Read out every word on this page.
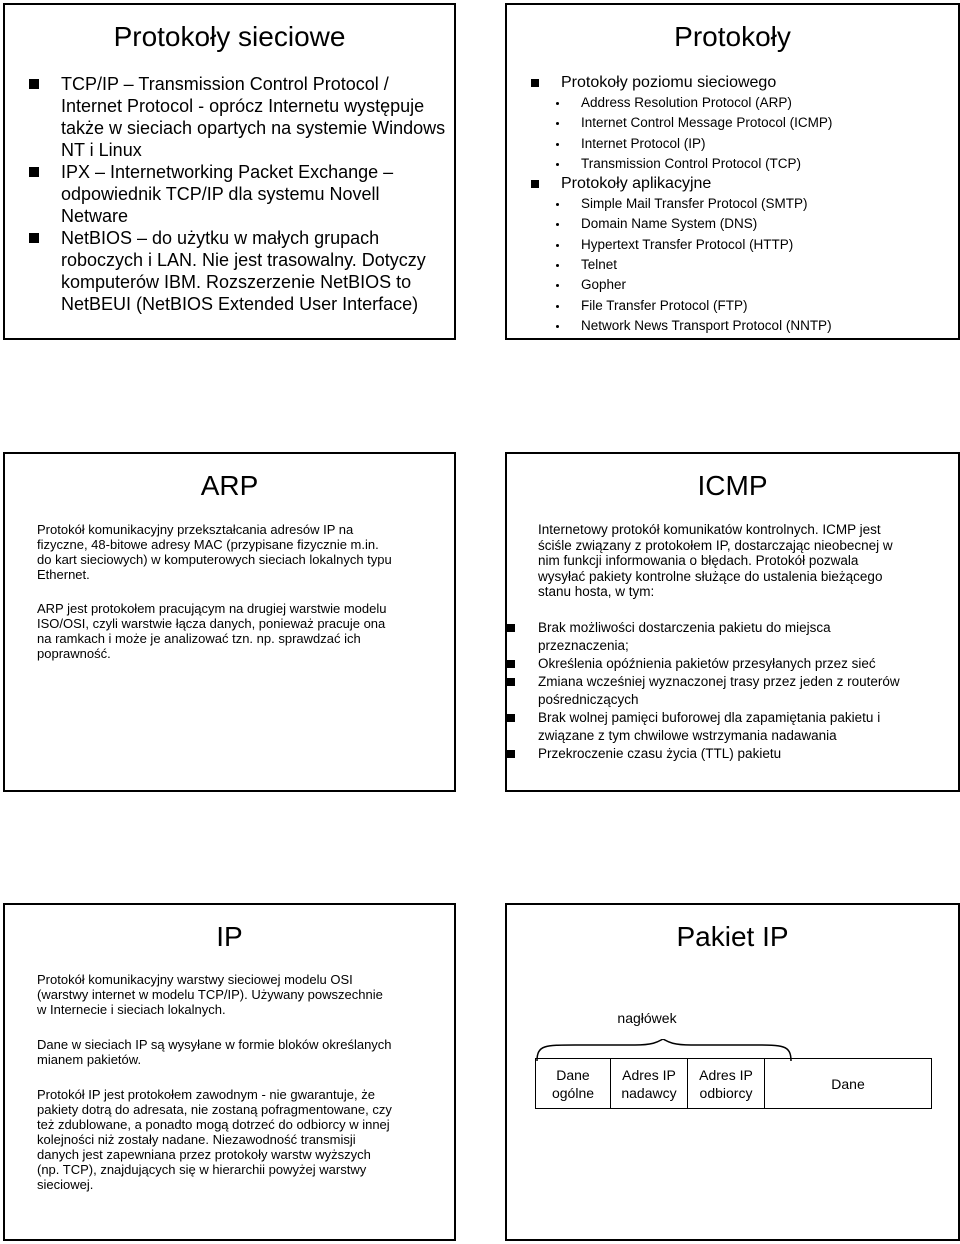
Protokoły sieciowe
TCP/IP – Transmission Control Protocol /
Internet Protocol - oprócz Internetu występuje
także w sieciach opartych na systemie Windows
NT i Linux
IPX – Internetworking Packet Exchange –
odpowiednik TCP/IP dla systemu Novell
Netware
NetBIOS – do użytku w małych grupach
roboczych i LAN. Nie jest trasowalny. Dotyczy
komputerów IBM. Rozszerzenie NetBIOS to
NetBEUI (NetBIOS Extended User Interface)
Protokoły
Protokoły poziomu sieciowego
Address Resolution Protocol (ARP)
Internet Control Message Protocol (ICMP)
Internet Protocol (IP)
Transmission Control Protocol (TCP)
Protokoły aplikacyjne
Simple Mail Transfer Protocol (SMTP)
Domain Name System (DNS)
Hypertext Transfer Protocol (HTTP)
Telnet
Gopher
File Transfer Protocol (FTP)
Network News Transport Protocol (NNTP)
ARP
Protokół komunikacyjny przekształcania adresów IP na
fizyczne, 48-bitowe adresy MAC (przypisane fizycznie m.in.
do kart sieciowych) w komputerowych sieciach lokalnych typu
Ethernet.
ARP jest protokołem pracującym na drugiej warstwie modelu
ISO/OSI, czyli warstwie łącza danych, ponieważ pracuje ona
na ramkach i może je analizować tzn. np. sprawdzać ich
poprawność.
ICMP
Internetowy protokół komunikatów kontrolnych. ICMP jest
ściśle związany z protokołem IP, dostarczając nieobecnej w
nim funkcji informowania o błędach. Protokół pozwala
wysyłać pakiety kontrolne służące do ustalenia bieżącego
stanu hosta, w tym:
Brak możliwości dostarczenia pakietu do miejsca
przeznaczenia;
Określenia opóźnienia pakietów przesyłanych przez sieć
Zmiana wcześniej wyznaczonej trasy przez jeden z routerów
pośredniczących
Brak wolnej pamięci buforowej dla zapamiętania pakietu i
związane z tym chwilowe wstrzymania nadawania
Przekroczenie czasu życia (TTL) pakietu
IP
Protokół komunikacyjny warstwy sieciowej modelu OSI
(warstwy internet w modelu TCP/IP). Używany powszechnie
w Internecie i sieciach lokalnych.
Dane w sieciach IP są wysyłane w formie bloków określanych
mianem pakietów.
Protokół IP jest protokołem zawodnym - nie gwarantuje, że
pakiety dotrą do adresata, nie zostaną pofragmentowane, czy
też zdublowane, a ponadto mogą dotrzeć do odbiorcy w innej
kolejności niż zostały nadane. Niezawodność transmisji
danych jest zapewniana przez protokoły warstw wyższych
(np. TCP), znajdujących się w hierarchii powyżej warstwy
sieciowej.
Pakiet IP
nagłówek
Dane
ogólne
Adres IP
nadawcy
Adres IP
odbiorcy
Dane
